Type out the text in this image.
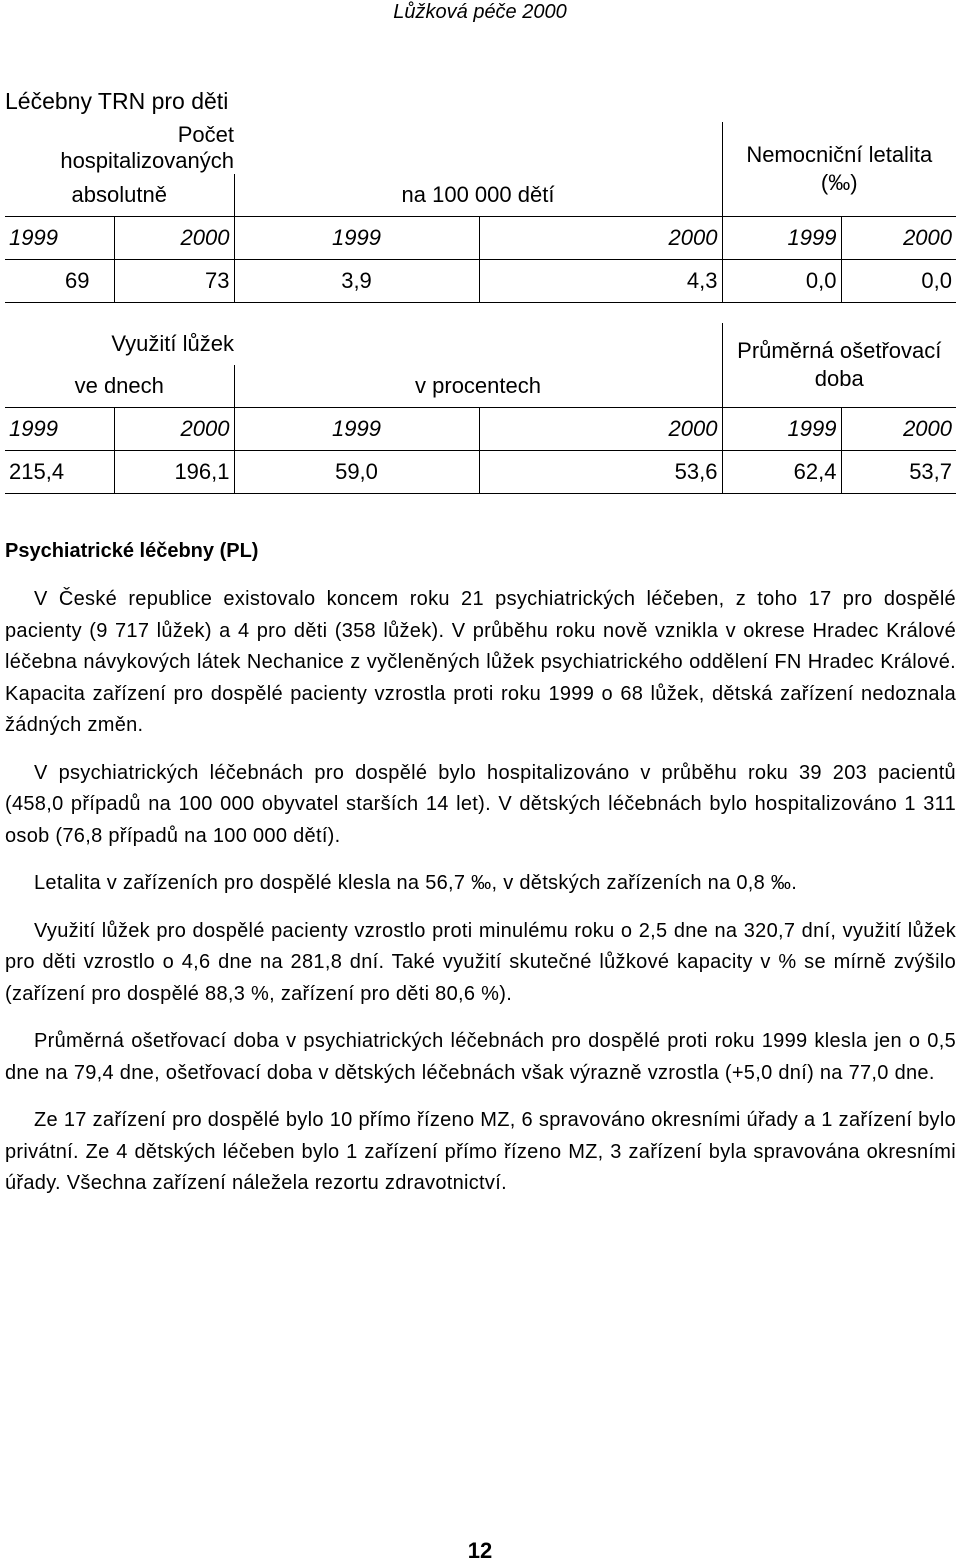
Lůžková péče 2000
Léčebny TRN pro děti
Počet hospitalizovaných				Nemocniční letalita (‰)	
absolutně		na 100 000 dětí			
1999	2000	1999	2000	1999	2000
69	73	3,9	4,3	0,0	0,0
Využití lůžek				Průměrná ošetřovací doba	
ve dnech		v procentech			
1999	2000	1999	2000	1999	2000
215,4	196,1	59,0	53,6	62,4	53,7
Psychiatrické léčebny (PL)

V České republice existovalo koncem roku 21 psychiatrických léčeben, z toho 17 pro dospělé pacienty (9 717 lůžek) a 4 pro děti (358 lůžek). V průběhu roku nově vznikla v okrese Hradec Králové léčebna návykových látek Nechanice z vyčleněných lůžek psychiatrického oddělení FN Hradec Králové. Kapacita zařízení pro dospělé pacienty vzrostla proti roku 1999 o 68 lůžek, dětská zařízení nedoznala žádných změn.

V psychiatrických léčebnách pro dospělé bylo hospitalizováno v průběhu roku 39 203 pacientů (458,0 případů na 100 000 obyvatel starších 14 let). V dětských léčebnách bylo hospitalizováno 1 311 osob (76,8 případů na 100 000 dětí).

Letalita v zařízeních pro dospělé klesla na 56,7 ‰, v dětských zařízeních na 0,8 ‰.

Využití lůžek pro dospělé pacienty vzrostlo proti minulému roku o 2,5 dne na 320,7 dní, využití lůžek pro děti vzrostlo o 4,6 dne na 281,8 dní. Také využití skutečné lůžkové kapacity v % se mírně zvýšilo (zařízení pro dospělé 88,3 %, zařízení pro děti 80,6 %).

Průměrná ošetřovací doba v psychiatrických léčebnách pro dospělé proti roku 1999 klesla jen o 0,5 dne na 79,4 dne, ošetřovací doba v dětských léčebnách však výrazně vzrostla (+5,0 dní) na 77,0 dne.

Ze 17 zařízení pro dospělé bylo 10 přímo řízeno MZ, 6 spravováno okresními úřady a 1 zařízení bylo privátní. Ze 4 dětských léčeben bylo 1 zařízení přímo řízeno MZ, 3 zařízení byla spravována okresními úřady. Všechna zařízení náležela rezortu zdravotnictví.

12
